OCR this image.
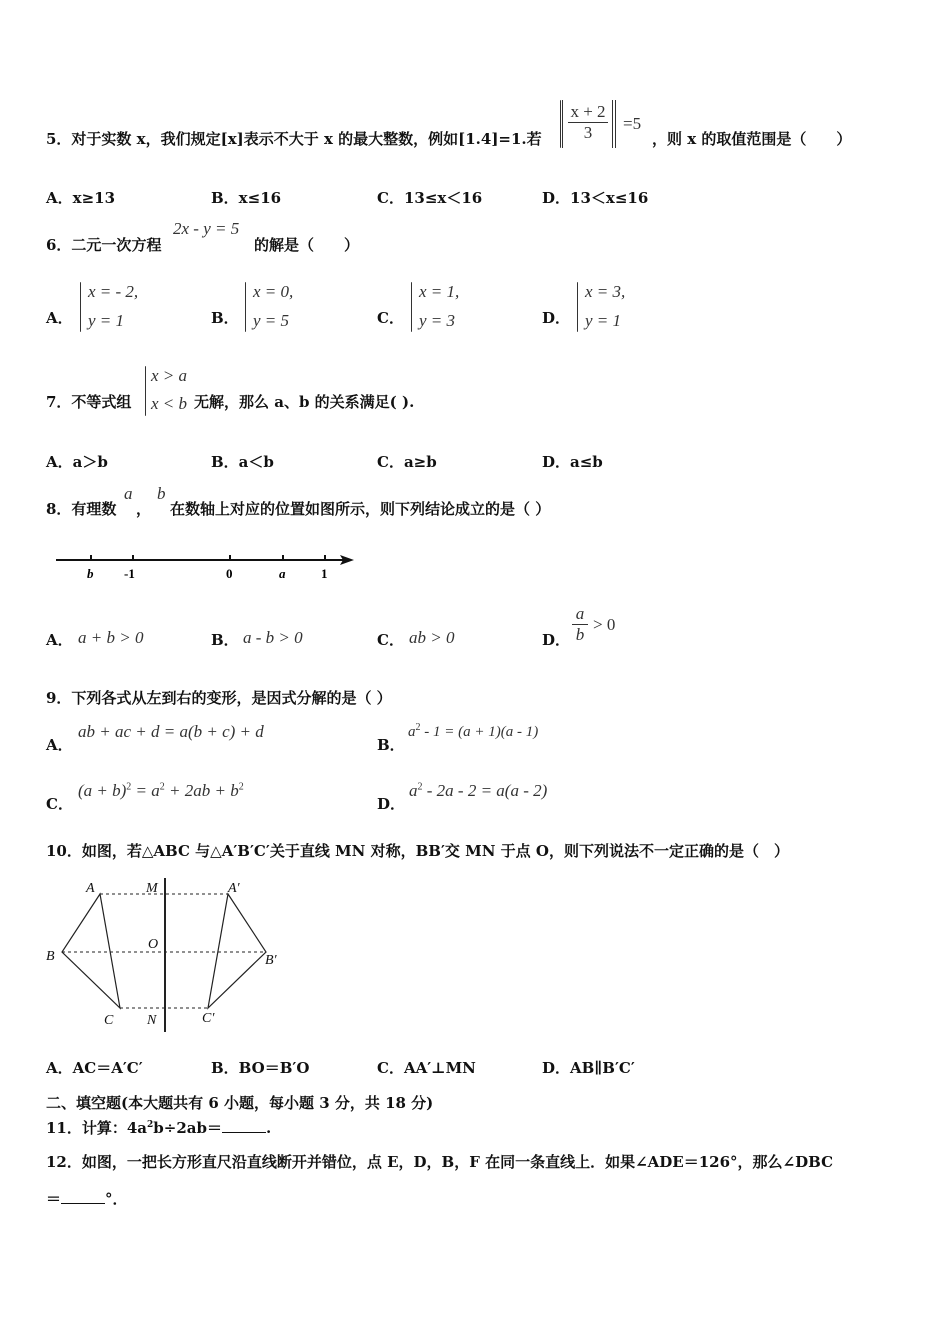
5．对于实数 x，我们规定[x]表示不大于 x 的最大整数，例如[1.4]=1.若 $\frac{x + 2}{3} =5$
，则 x 的取值范围是（　　）
A．x≥13	B．x≤16	C．13≤x＜16	D．13＜x≤16
6．二元一次方程
2x - y = 5
的解是（　　）
A．
x = - 2,
y = 1	B．
x = 0,
y = 5	C．
x = 1,
y = 3	D．
x = 3,
y = 1
7．不等式组
x > a
x < b 无解，那么 a、b 的关系满足( ).
A．a＞b	B．a＜b	C．a≥b	D．a≤b
8．有理数
a
，
b
在数轴上对应的位置如图所示，则下列结论成立的是（ ）
b -1	0	a	1
A． a + b > 0	B． a - b > 0	C． ab > 0	D． $\frac{a}{b} > 0$
9．下列各式从左到右的变形，是因式分解的是（ ）
A．
ab + ac + d = a(b + c) + d
B．
$a^2 - 1 = (a + 1)(a - 1)$
C．
$(a + b)^2 = a^2 + 2ab + b^2$
D．
$a^2 - 2a - 2 = a(a - 2)$
10．如图，若△ABC 与△A′B′C′关于直线 MN 对称，BB′交 MN 于点 O，则下列说法不一定正确的是（　）
A	M	A′
B
O
B′
C N	C′
A．AC＝A′C′	B．BO＝B′O	C．AA′⊥MN	D．AB∥B′C′
二、填空题(本大题共有 6 小题，每小题 3 分，共 18 分)
11．计算：$4a^2b\div 2ab=$	.
12．如图，一把长方形直尺沿直线断开并错位，点 E，D，B，F 在同一条直线上．如果∠ADE＝126°，那么∠DBC
＝	°．
